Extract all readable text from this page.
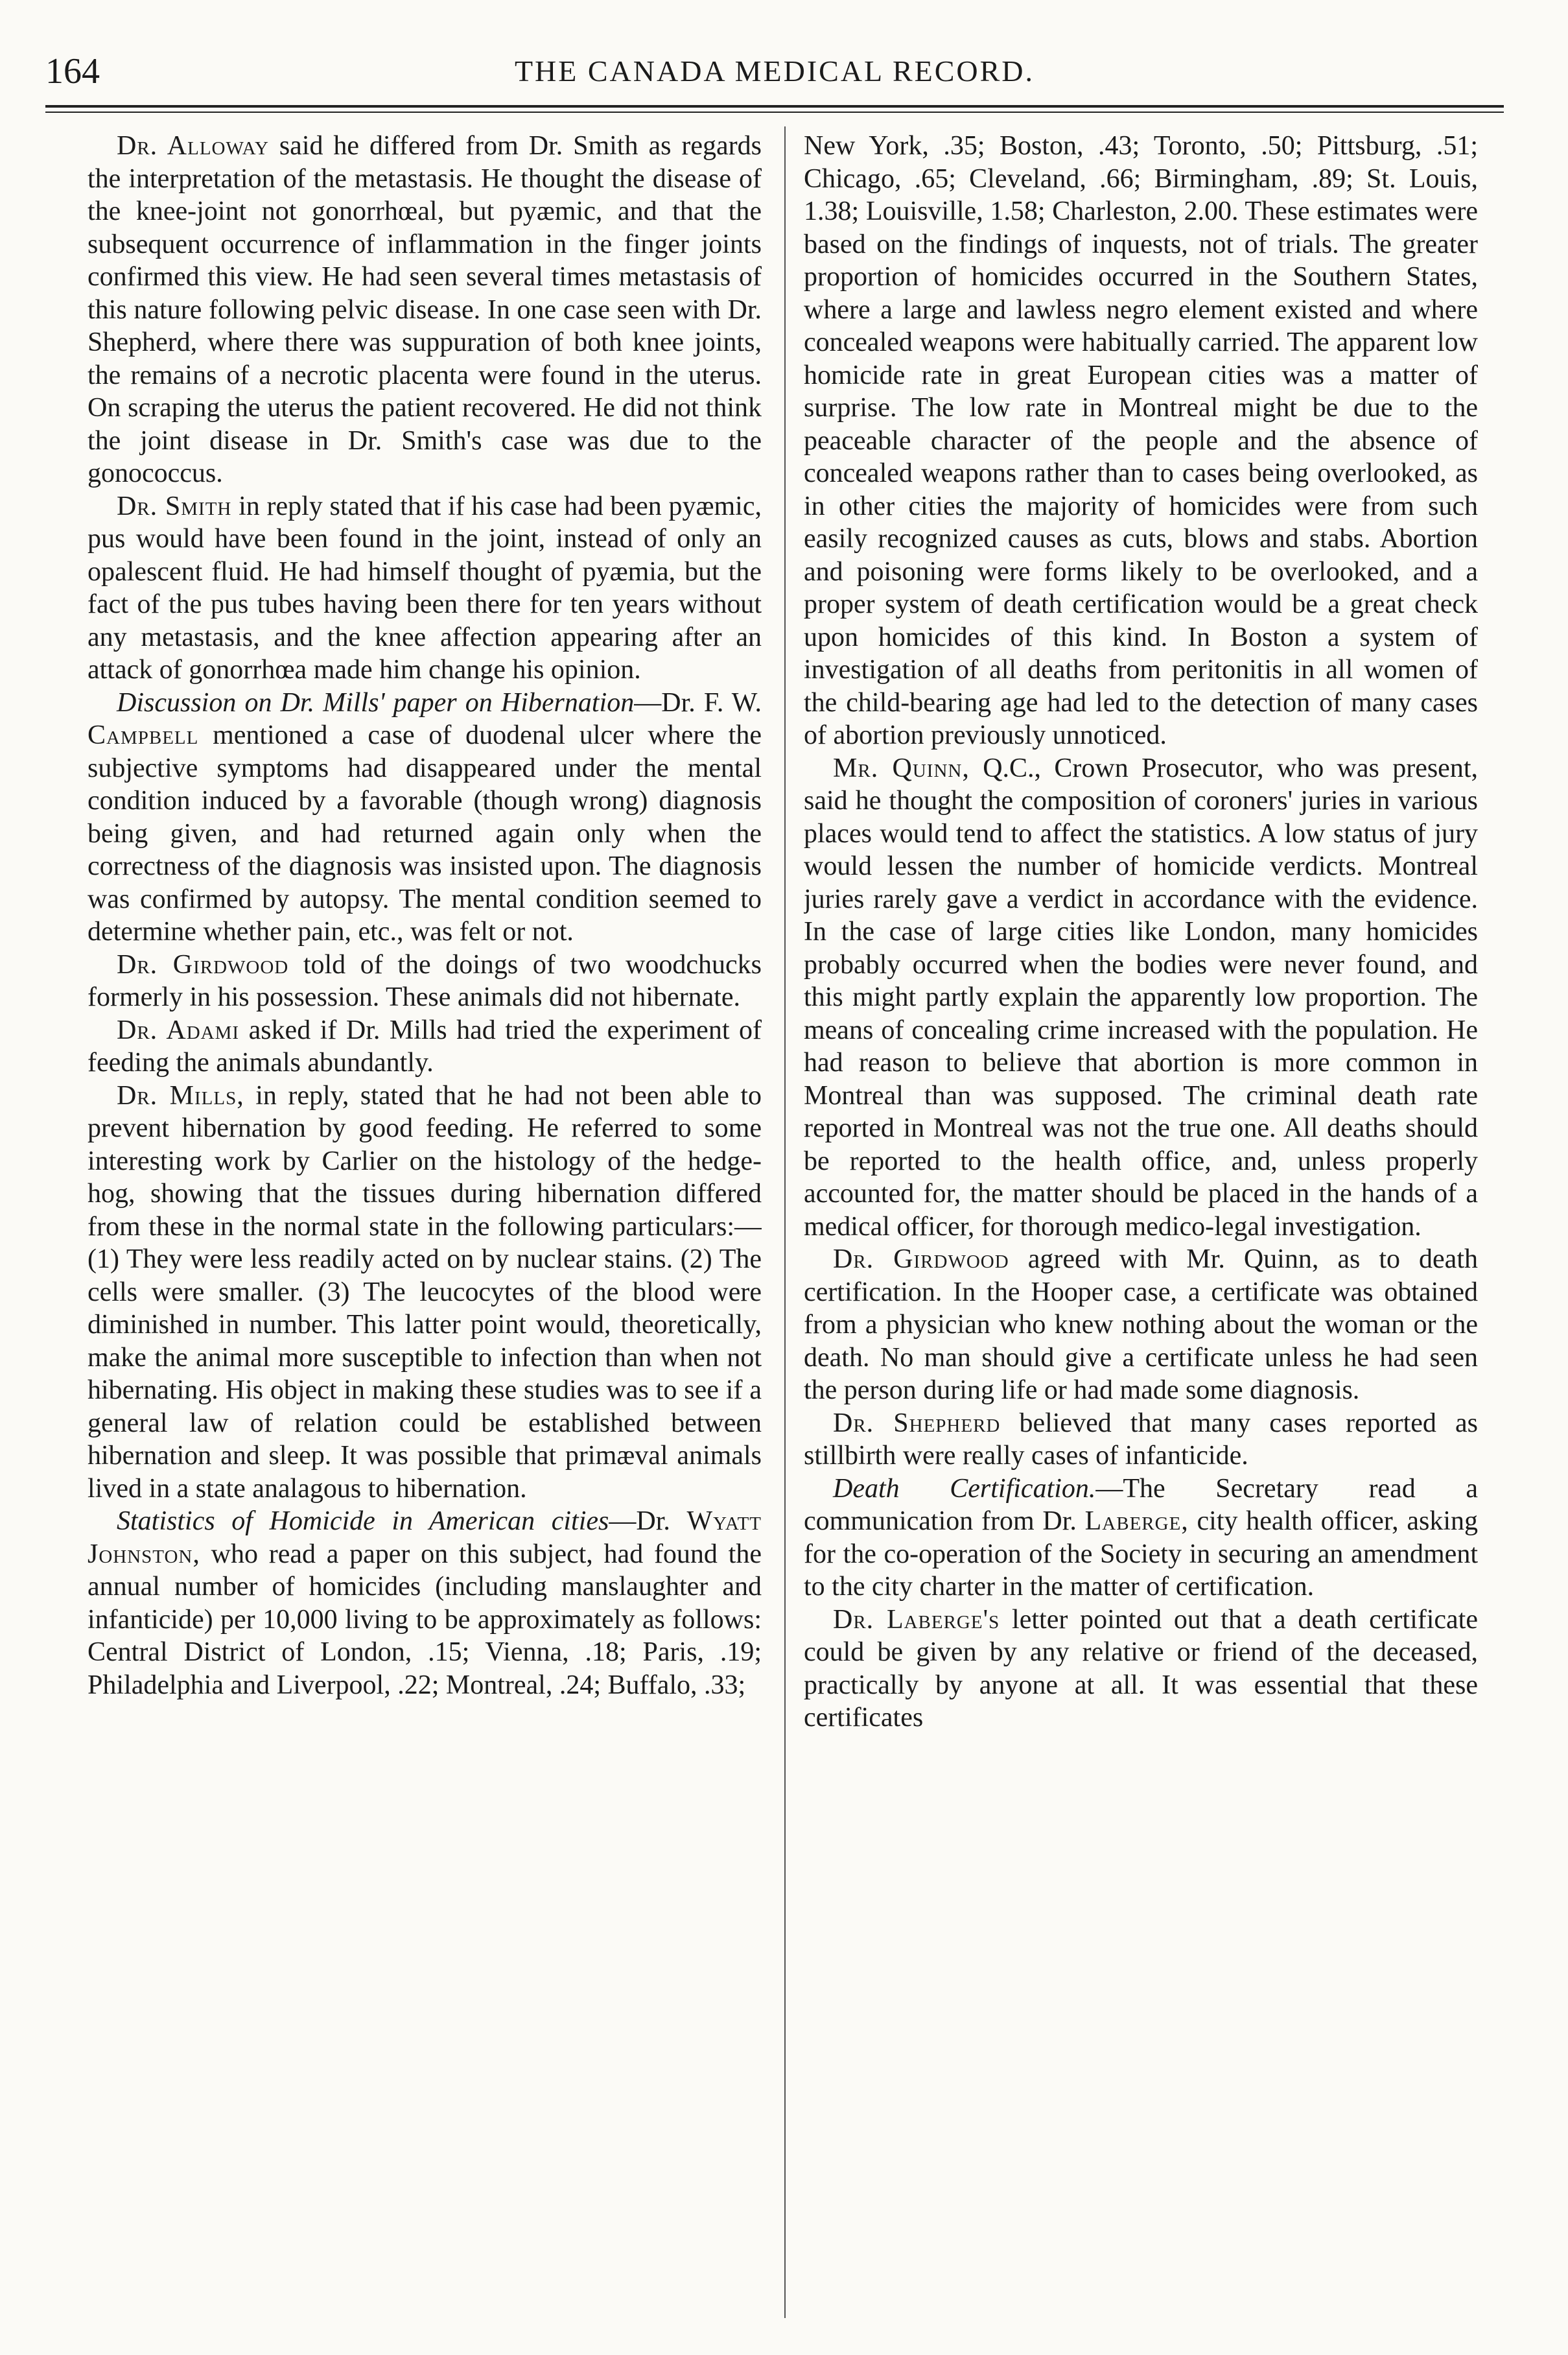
164	THE CANADA MEDICAL RECORD.

Dr. Alloway said he differed from Dr. Smith as regards the interpretation of the metastasis. He thought the disease of the knee-joint not gonorrhœal, but pyæmic, and that the subsequent occurrence of inflammation in the finger joints confirmed this view. He had seen several times metastasis of this nature following pelvic disease. In one case seen with Dr. Shepherd, where there was suppuration of both knee joints, the remains of a necrotic placenta were found in the uterus. On scraping the uterus the patient recovered. He did not think the joint disease in Dr. Smith's case was due to the gonococcus.

Dr. Smith in reply stated that if his case had been pyæmic, pus would have been found in the joint, instead of only an opalescent fluid. He had himself thought of pyæmia, but the fact of the pus tubes having been there for ten years without any metastasis, and the knee affection appearing after an attack of gonorrhœa made him change his opinion.

Discussion on Dr. Mills' paper on Hibernation—Dr. F. W. Campbell mentioned a case of duodenal ulcer where the subjective symptoms had disappeared under the mental condition induced by a favorable (though wrong) diagnosis being given, and had returned again only when the correctness of the diagnosis was insisted upon. The diagnosis was confirmed by autopsy. The mental condition seemed to determine whether pain, etc., was felt or not.

Dr. Girdwood told of the doings of two woodchucks formerly in his possession. These animals did not hibernate.

Dr. Adami asked if Dr. Mills had tried the experiment of feeding the animals abundantly.

Dr. Mills, in reply, stated that he had not been able to prevent hibernation by good feeding. He referred to some interesting work by Carlier on the histology of the hedge-hog, showing that the tissues during hibernation differed from these in the normal state in the following particulars:—(1) They were less readily acted on by nuclear stains. (2) The cells were smaller. (3) The leucocytes of the blood were diminished in number. This latter point would, theoretically, make the animal more susceptible to infection than when not hibernating. His object in making these studies was to see if a general law of relation could be established between hibernation and sleep. It was possible that primæval animals lived in a state analagous to hibernation.

Statistics of Homicide in American cities—Dr. Wyatt Johnston, who read a paper on this subject, had found the annual number of homicides (including manslaughter and infanticide) per 10,000 living to be approximately as follows: Central District of London, .15; Vienna, .18; Paris, .19; Philadelphia and Liverpool, .22; Montreal, .24; Buffalo, .33;

New York, .35; Boston, .43; Toronto, .50; Pittsburg, .51; Chicago, .65; Cleveland, .66; Birmingham, .89; St. Louis, 1.38; Louisville, 1.58; Charleston, 2.00. These estimates were based on the findings of inquests, not of trials. The greater proportion of homicides occurred in the Southern States, where a large and lawless negro element existed and where concealed weapons were habitually carried. The apparent low homicide rate in great European cities was a matter of surprise. The low rate in Montreal might be due to the peaceable character of the people and the absence of concealed weapons rather than to cases being overlooked, as in other cities the majority of homicides were from such easily recognized causes as cuts, blows and stabs. Abortion and poisoning were forms likely to be overlooked, and a proper system of death certification would be a great check upon homicides of this kind. In Boston a system of investigation of all deaths from peritonitis in all women of the child-bearing age had led to the detection of many cases of abortion previously unnoticed.

Mr. Quinn, Q.C., Crown Prosecutor, who was present, said he thought the composition of coroners' juries in various places would tend to affect the statistics. A low status of jury would lessen the number of homicide verdicts. Montreal juries rarely gave a verdict in accordance with the evidence. In the case of large cities like London, many homicides probably occurred when the bodies were never found, and this might partly explain the apparently low proportion. The means of concealing crime increased with the population. He had reason to believe that abortion is more common in Montreal than was supposed. The criminal death rate reported in Montreal was not the true one. All deaths should be reported to the health office, and, unless properly accounted for, the matter should be placed in the hands of a medical officer, for thorough medico-legal investigation.

Dr. Girdwood agreed with Mr. Quinn, as to death certification. In the Hooper case, a certificate was obtained from a physician who knew nothing about the woman or the death. No man should give a certificate unless he had seen the person during life or had made some diagnosis.

Dr. Shepherd believed that many cases reported as stillbirth were really cases of infanticide.

Death Certification.—The Secretary read a communication from Dr. Laberge, city health officer, asking for the co-operation of the Society in securing an amendment to the city charter in the matter of certification.

Dr. Laberge's letter pointed out that a death certificate could be given by any relative or friend of the deceased, practically by anyone at all. It was essential that these certificates
